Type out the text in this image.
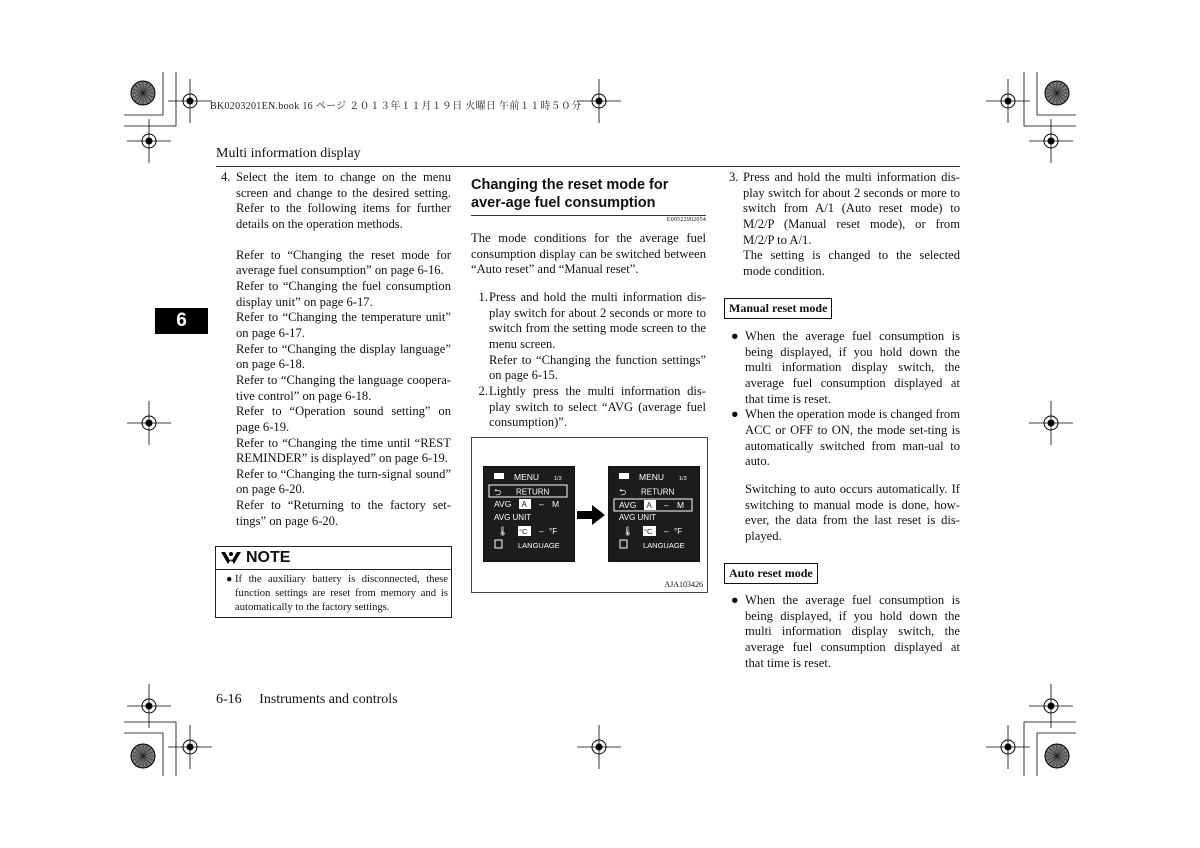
BK0203201EN.book 16 ページ ２０１３年１１月１９日 火曜日 午前１１時５０分
Multi information display
6
4. Select the item to change on the menu screen and change to the desired setting. Refer to the following items for further details on the operation methods.

Refer to “Changing the reset mode for average fuel consumption” on page 6-16.

Refer to “Changing the fuel consumption display unit” on page 6-17.

Refer to “Changing the temperature unit” on page 6-17.

Refer to “Changing the display language” on page 6-18.

Refer to “Changing the language coopera-tive control” on page 6-18.

Refer to “Operation sound setting” on page 6-19.

Refer to “Changing the time until “REST REMINDER” is displayed” on page 6-19.

Refer to “Changing the turn-signal sound” on page 6-20.

Refer to “Returning to the factory set-tings” on page 6-20.

NOTE
● If the auxiliary battery is disconnected, these function settings are reset from memory and is automatically to the factory settings.
Changing the reset mode for aver-age fuel consumption
E00522902054

The mode conditions for the average fuel consumption display can be switched between “Auto reset” and “Manual reset”.

1. Press and hold the multi information dis-play switch for about 2 seconds or more to switch from the setting mode screen to the menu screen.
Refer to “Changing the function settings” on page 6-15.
2. Lightly press the multi information dis-play switch to select “AVG (average fuel consumption)”.
MENU	1/3
⮌ RETURN
AVG A – M
AVG UNIT
🌡 °C – °F
LANGUAGE
MENU	1/3
⮌ RETURN
AVG A – M
AVG UNIT
🌡 °C – °F
LANGUAGE
AJA103426
3. Press and hold the multi information dis-play switch for about 2 seconds or more to switch from A/1 (Auto reset mode) to M/2/P (Manual reset mode), or from M/2/P to A/1.

The setting is changed to the selected mode condition.

Manual reset mode
● When the average fuel consumption is being displayed, if you hold down the multi information display switch, the average fuel consumption displayed at that time is reset.
● When the operation mode is changed from ACC or OFF to ON, the mode set-ting is automatically switched from man-ual to auto.
Switching to auto occurs automatically. If switching to manual mode is done, how-ever, the data from the last reset is dis-played.
Auto reset mode
● When the average fuel consumption is being displayed, if you hold down the multi information display switch, the average fuel consumption displayed at that time is reset.
6-16 Instruments and controls
